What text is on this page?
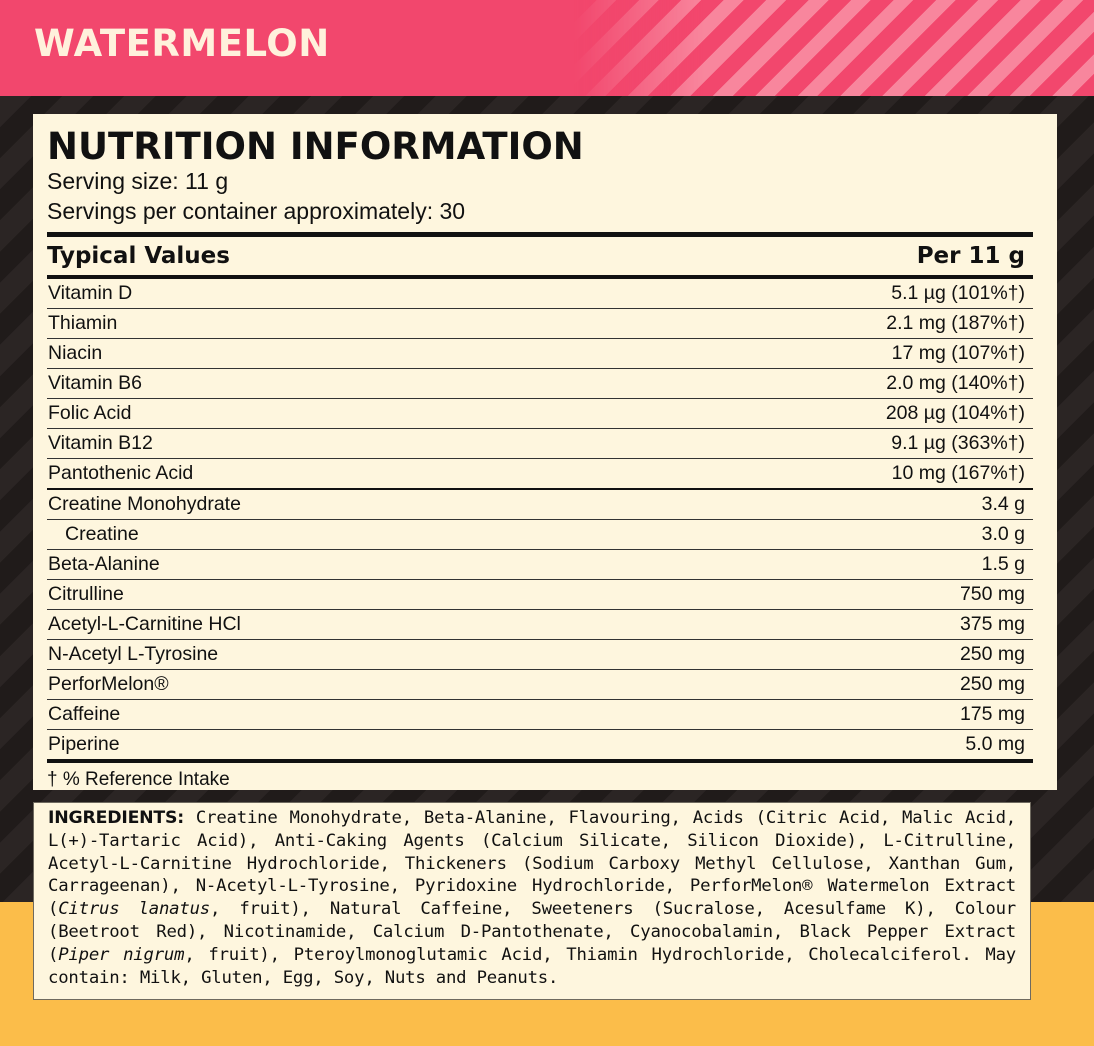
WATERMELON
NUTRITION INFORMATION
Serving size: 11 g
Servings per container approximately: 30
Typical Values	Per 11 g
Vitamin D	5.1 µg (101%†)
Thiamin	2.1 mg (187%†)
Niacin	17 mg (107%†)
Vitamin B6	2.0 mg (140%†)
Folic Acid	208 µg (104%†)
Vitamin B12	9.1 µg (363%†)
Pantothenic Acid	10 mg (167%†)
Creatine Monohydrate	3.4 g
Creatine	3.0 g
Beta-Alanine	1.5 g
Citrulline	750 mg
Acetyl-L-Carnitine HCl	375 mg
N-Acetyl L-Tyrosine	250 mg
PerforMelon®	250 mg
Caffeine	175 mg
Piperine	5.0 mg
† % Reference Intake
INGREDIENTS: Creatine Monohydrate, Beta-Alanine, Flavouring, Acids (Citric Acid, Malic Acid, L(+)-Tartaric Acid), Anti-Caking Agents (Calcium Silicate, Silicon Dioxide), L-Citrulline, Acetyl-L-Carnitine Hydrochloride, Thickeners (Sodium Carboxy Methyl Cellulose, Xanthan Gum, Carrageenan), N-Acetyl-L-Tyrosine, Pyridoxine Hydrochloride, PerforMelon® Watermelon Extract (Citrus lanatus, fruit), Natural Caffeine, Sweeteners (Sucralose, Acesulfame K), Colour (Beetroot Red), Nicotinamide, Calcium D-Pantothenate, Cyanocobalamin, Black Pepper Extract (Piper nigrum, fruit), Pteroylmonoglutamic Acid, Thiamin Hydrochloride, Cholecalciferol. May contain: Milk, Gluten, Egg, Soy, Nuts and Peanuts.
